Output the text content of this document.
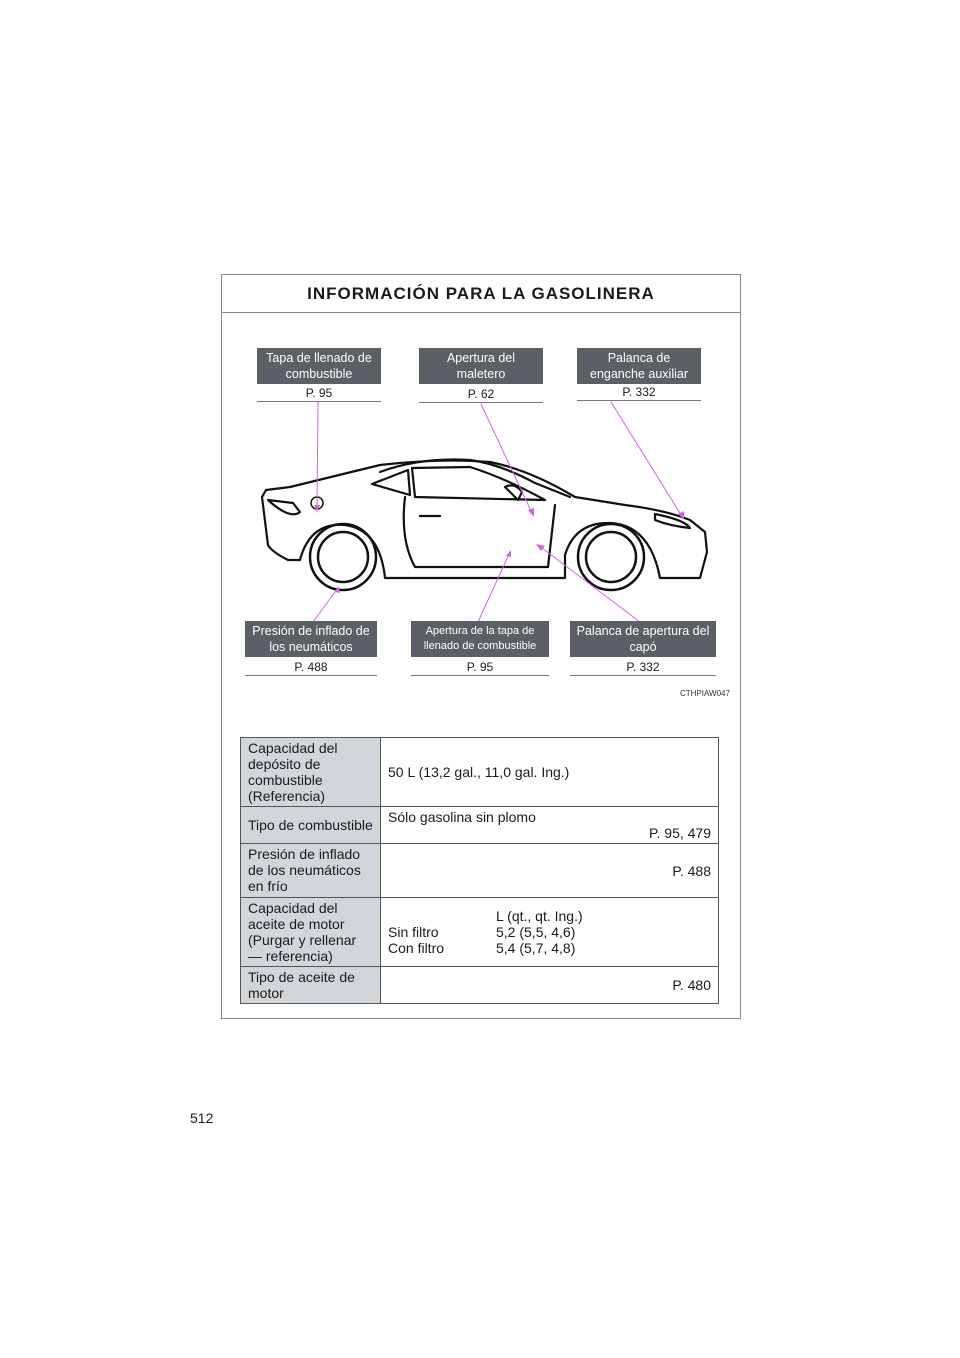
INFORMACIÓN PARA LA GASOLINERA
Tapa de llenado de combustible
P. 95
Apertura del maletero
P. 62
Palanca de enganche auxiliar
P. 332
Presión de inflado de los neumáticos
P. 488
Apertura de la tapa de llenado de combustible
P. 95
Palanca de apertura del capó
P. 332
CTHPIAW047
Capacidad del depósito de combustible (Referencia)	50 L (13,2 gal., 11,0 gal. Ing.)
Tipo de combustible	Sólo gasolina sin plomo
P. 95, 479

Presión de inflado de los neumáticos en frío	P. 488
Capacidad del aceite de motor (Purgar y rellenar — referencia)	L (qt., qt. Ing.)
Sin filtro 5,2 (5,5, 4,6)
Con filtro 5,4 (5,7, 4,8)

Tipo de aceite de motor	P. 480
512
